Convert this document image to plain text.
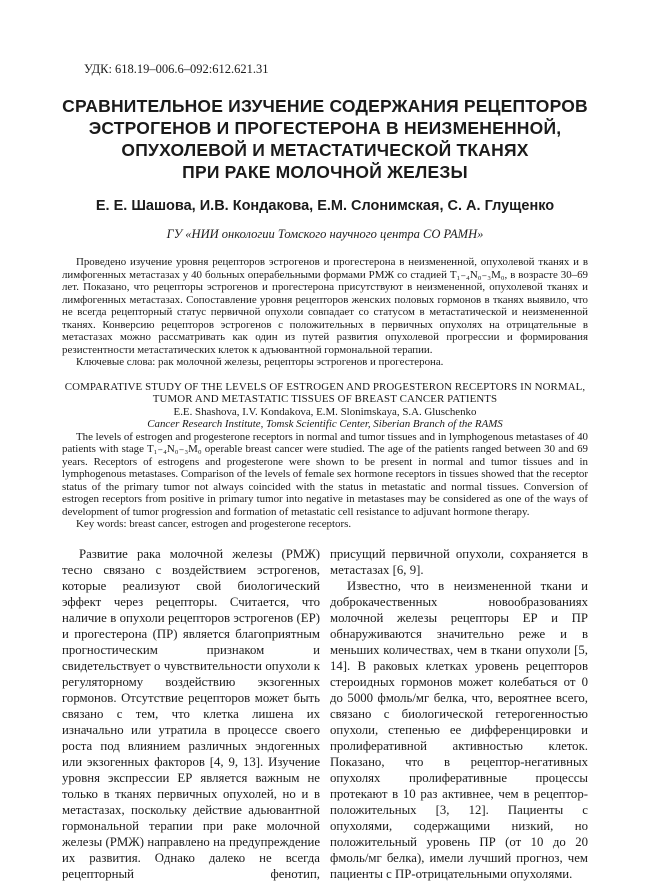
УДК: 618.19–006.6–092:612.621.31
СРАВНИТЕЛЬНОЕ ИЗУЧЕНИЕ СОДЕРЖАНИЯ РЕЦЕПТОРОВ
ЭСТРОГЕНОВ И ПРОГЕСТЕРОНА В НЕИЗМЕНЕННОЙ,
ОПУХОЛЕВОЙ И МЕТАСТАТИЧЕСКОЙ ТКАНЯХ
ПРИ РАКЕ МОЛОЧНОЙ ЖЕЛЕЗЫ
Е. Е. Шашова, И.В. Кондакова, Е.М. Слонимская, С. А. Глущенко
ГУ «НИИ онкологии Томского научного центра СО РАМН»

Проведено изучение уровня рецепторов эстрогенов и прогестерона в неизмененной, опухолевой тканях и в лимфогенных метастазах у 40 больных операбельными формами РМЖ со стадией T₁₋₄N₀₋₃M₀, в возрасте 30–69 лет. Показано, что рецепторы эстрогенов и прогестерона присутствуют в неизмененной, опухолевой тканях и лимфогенных метастазах. Сопоставление уровня рецепторов женских половых гормонов в тканях выявило, что не всегда рецепторный статус первичной опухоли совпадает со статусом в метастатической и неизмененной тканях. Конверсию рецепторов эстрогенов с положительных в первичных опухолях на отрицательные в метастазах можно рассматривать как один из путей развития опухолевой прогрессии и формирования резистентности метастатических клеток к адъювантной гормональной терапии.

Ключевые слова: рак молочной железы, рецепторы эстрогенов и прогестерона.

COMPARATIVE STUDY OF THE LEVELS OF ESTROGEN AND PROGESTERON RECEPTORS IN NORMAL,
TUMOR AND METASTATIC TISSUES OF BREAST CANCER PATIENTS
E.E. Shashova, I.V. Kondakova, E.M. Slonimskaya, S.A. Gluschenko
Cancer Research Institute, Tomsk Scientific Center, Siberian Branch of the RAMS

The levels of estrogen and progesterone receptors in normal and tumor tissues and in lymphogenous metastases of 40 patients with stage T₁₋₄N₀₋₃M₀ operable breast cancer were studied. The age of the patients ranged between 30 and 69 years. Receptors of estrogens and progesterone were shown to be present in normal and tumor tissues and in lymphogenous metastases. Comparison of the levels of female sex hormone receptors in tissues showed that the receptor status of the primary tumor not always coincided with the status in metastatic and normal tissues. Conversion of estrogen receptors from positive in primary tumor into negative in metastases may be considered as one of the ways of development of tumor progression and formation of metastatic cell resistance to adjuvant hormone therapy.

Key words: breast cancer, estrogen and progesterone receptors.

Развитие рака молочной железы (РМЖ) тесно связано с воздействием эстрогенов, которые реализуют свой биологический эффект через рецепторы. Считается, что наличие в опухоли рецепторов эстрогенов (ЕР) и прогестерона (ПР) является благоприятным прогностическим признаком и свидетельствует о чувствительности опухоли к регуляторному воздействию экзогенных гормонов. Отсутствие рецепторов может быть связано с тем, что клетка лишена их изначально или утратила в процессе своего роста под влиянием различных эндогенных или экзогенных факторов [4, 9, 13]. Изучение уровня экспрессии ЕР является важным не только в тканях первичных опухолей, но и в метастазах, поскольку действие адьювантной гормональной терапии при раке молочной железы (РМЖ) направлено на предупреждение их развития. Однако далеко не всегда рецепторный фенотип,

присущий первичной опухоли, сохраняется в метастазах [6, 9].

Известно, что в неизмененной ткани и доброкачественных новообразованиях молочной железы рецепторы ЕР и ПР обнаруживаются значительно реже и в меньших количествах, чем в ткани опухоли [5, 14]. В раковых клетках уровень рецепторов стероидных гормонов может колебаться от 0 до 5000 фмоль/мг белка, что, вероятнее всего, связано с биологической гетерогенностью опухоли, степенью ее дифференцировки и пролиферативной активностью клеток. Показано, что в рецептор-негативных опухолях пролиферативные процессы протекают в 10 раз активнее, чем в рецептор-положительных [3, 12]. Пациенты с опухолями, содержащими низкий, но положительный уровень ПР (от 10 до 20 фмоль/мг белка), имели лучший прогноз, чем пациенты с ПР-отрицательными опухолями.
